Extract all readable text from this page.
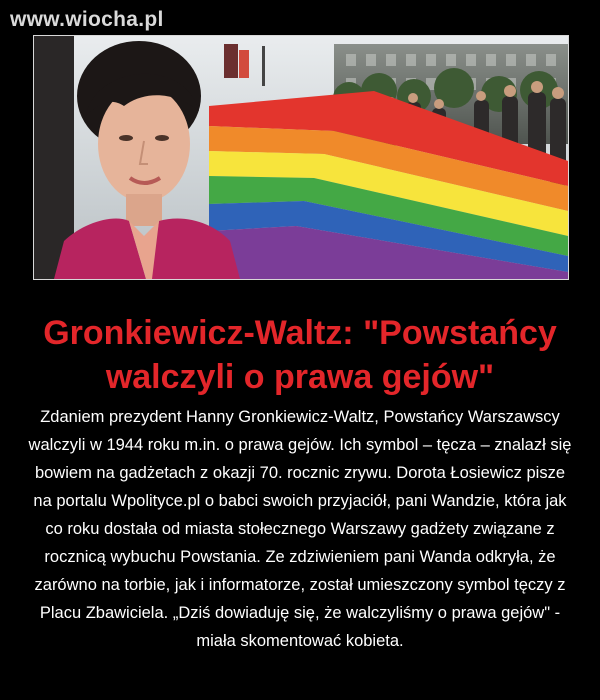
www.wiocha.pl
Gronkiewicz-Waltz: "Powstańcy walczyli o prawa gejów"

Zdaniem prezydent Hanny Gronkiewicz-Waltz, Powstańcy Warszawscy walczyli w 1944 roku m.in. o prawa gejów. Ich symbol – tęcza – znalazł się bowiem na gadżetach z okazji 70. rocznic zrywu. Dorota Łosiewicz pisze na portalu Wpolityce.pl o babci swoich przyjaciół, pani Wandzie, która jak co roku dostała od miasta stołecznego Warszawy gadżety związane z rocznicą wybuchu Powstania. Ze zdziwieniem pani Wanda odkryła, że zarówno na torbie, jak i informatorze, został umieszczony symbol tęczy z Placu Zbawiciela. „Dziś dowiaduję się, że walczyliśmy o prawa gejów" - miała skomentować kobieta.
